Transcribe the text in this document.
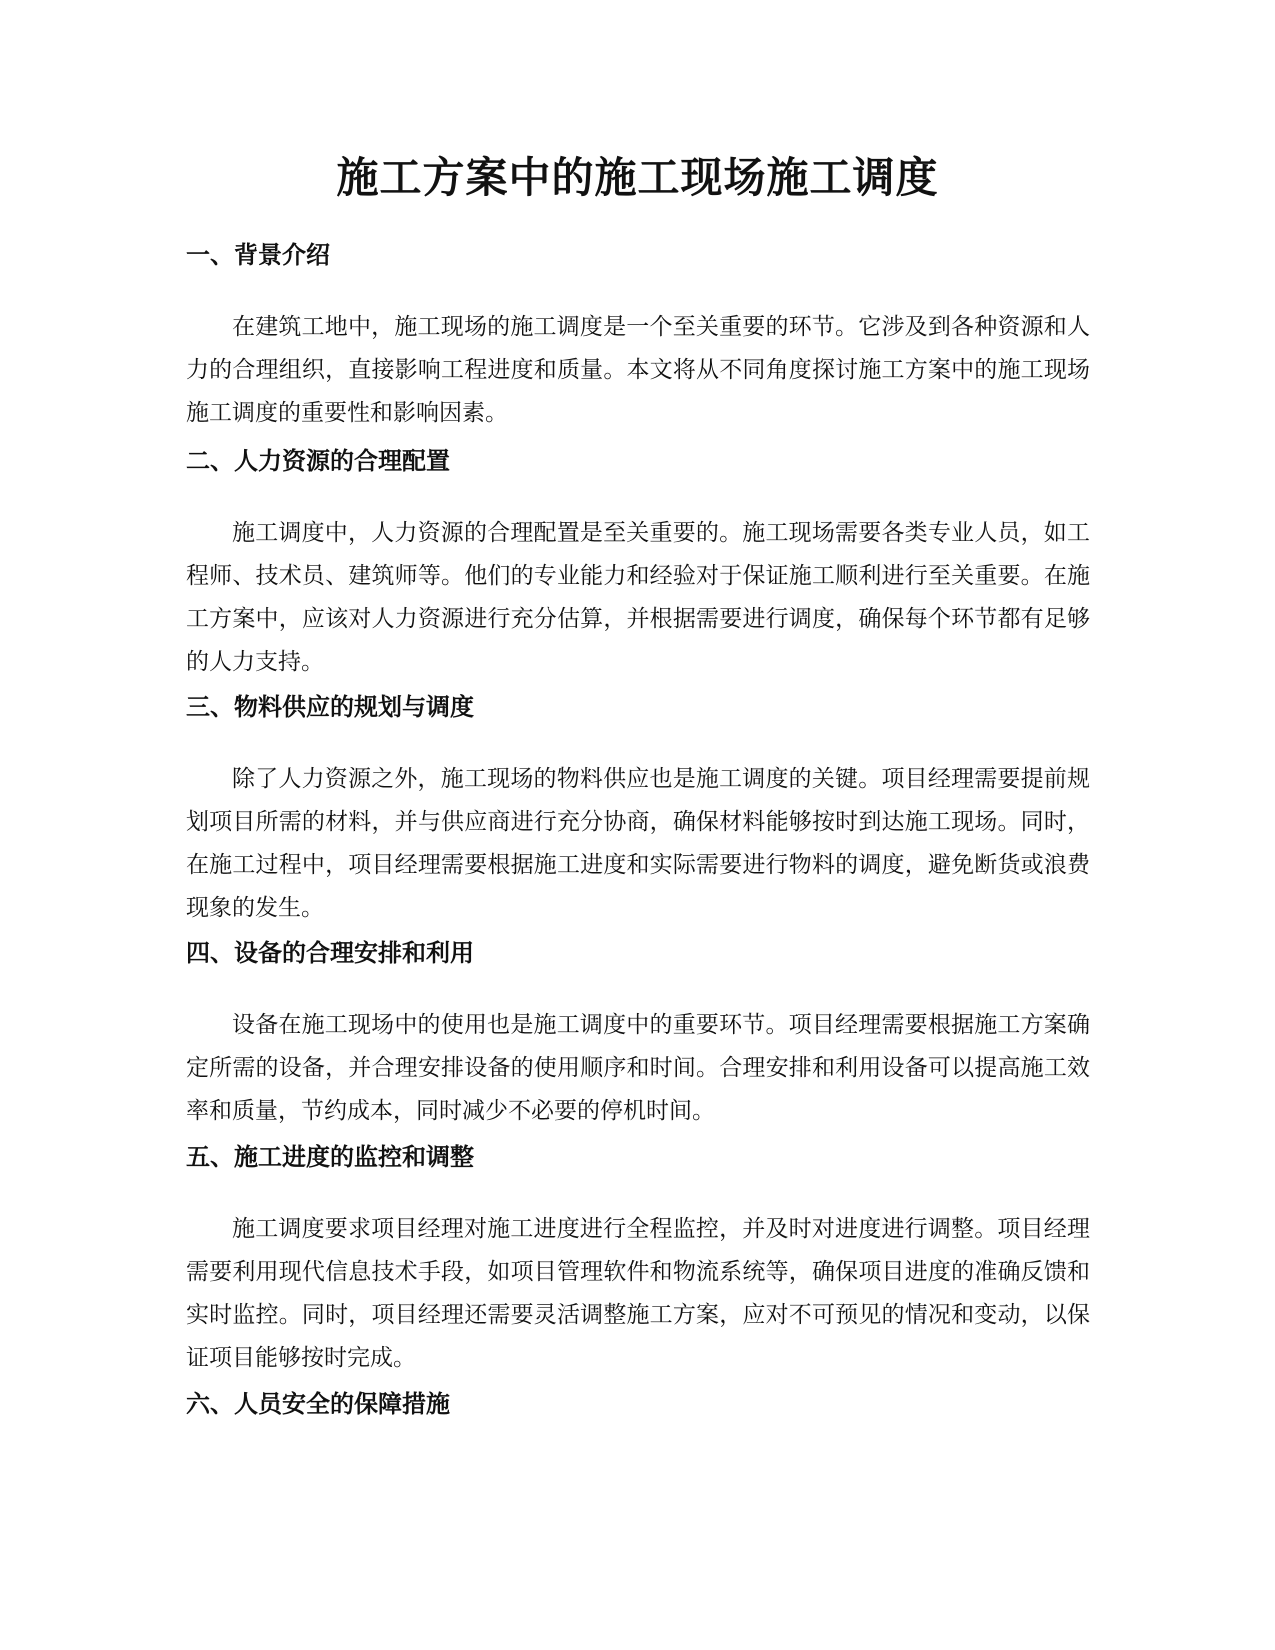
施工方案中的施工现场施工调度
一、背景介绍

在建筑工地中，施工现场的施工调度是一个至关重要的环节。它涉及到各种资源和人力的合理组织，直接影响工程进度和质量。本文将从不同角度探讨施工方案中的施工现场施工调度的重要性和影响因素。

二、人力资源的合理配置

施工调度中，人力资源的合理配置是至关重要的。施工现场需要各类专业人员，如工程师、技术员、建筑师等。他们的专业能力和经验对于保证施工顺利进行至关重要。在施工方案中，应该对人力资源进行充分估算，并根据需要进行调度，确保每个环节都有足够的人力支持。

三、物料供应的规划与调度

除了人力资源之外，施工现场的物料供应也是施工调度的关键。项目经理需要提前规划项目所需的材料，并与供应商进行充分协商，确保材料能够按时到达施工现场。同时，在施工过程中，项目经理需要根据施工进度和实际需要进行物料的调度，避免断货或浪费现象的发生。

四、设备的合理安排和利用

设备在施工现场中的使用也是施工调度中的重要环节。项目经理需要根据施工方案确定所需的设备，并合理安排设备的使用顺序和时间。合理安排和利用设备可以提高施工效率和质量，节约成本，同时减少不必要的停机时间。

五、施工进度的监控和调整

施工调度要求项目经理对施工进度进行全程监控，并及时对进度进行调整。项目经理需要利用现代信息技术手段，如项目管理软件和物流系统等，确保项目进度的准确反馈和实时监控。同时，项目经理还需要灵活调整施工方案，应对不可预见的情况和变动，以保证项目能够按时完成。

六、人员安全的保障措施
